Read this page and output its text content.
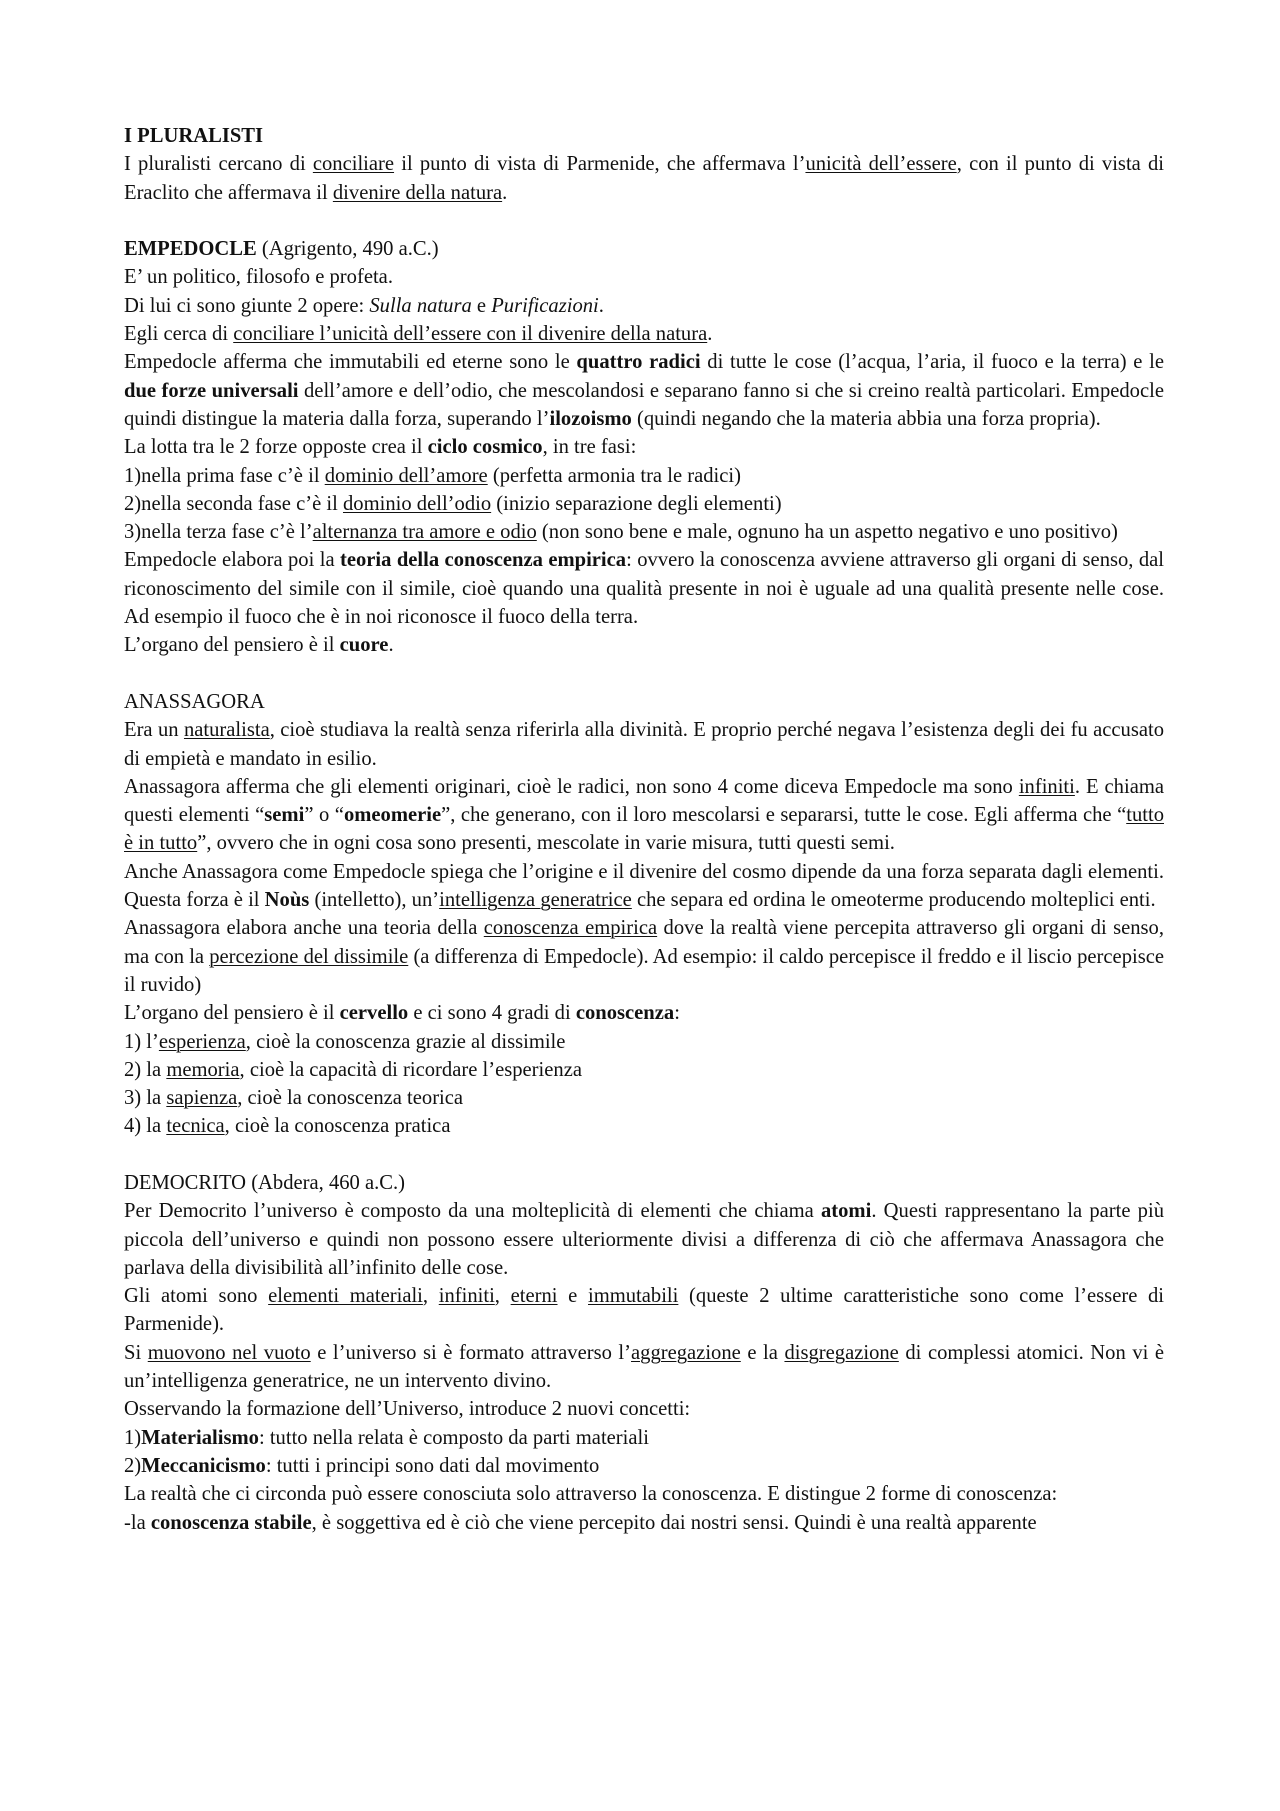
I PLURALISTI

I pluralisti cercano di conciliare il punto di vista di Parmenide, che affermava l’unicità dell’essere, con il punto di vista di Eraclito che affermava il divenire della natura.

EMPEDOCLE (Agrigento, 490 a.C.)

E’ un politico, filosofo e profeta.

Di lui ci sono giunte 2 opere: Sulla natura e Purificazioni.

Egli cerca di conciliare l’unicità dell’essere con il divenire della natura.

Empedocle afferma che immutabili ed eterne sono le quattro radici di tutte le cose (l’acqua, l’aria, il fuoco e la terra) e le due forze universali dell’amore e dell’odio, che mescolandosi e separano fanno si che si creino realtà particolari. Empedocle quindi distingue la materia dalla forza, superando l’ilozoismo (quindi negando che la materia abbia una forza propria).

La lotta tra le 2 forze opposte crea il ciclo cosmico, in tre fasi:

1)nella prima fase c’è il dominio dell’amore (perfetta armonia tra le radici)

2)nella seconda fase c’è il dominio dell’odio (inizio separazione degli elementi)

3)nella terza fase c’è l’alternanza tra amore e odio (non sono bene e male, ognuno ha un aspetto negativo e uno positivo)

Empedocle elabora poi la teoria della conoscenza empirica: ovvero la conoscenza avviene attraverso gli organi di senso, dal riconoscimento del simile con il simile, cioè quando una qualità presente in noi è uguale ad una qualità presente nelle cose. Ad esempio il fuoco che è in noi riconosce il fuoco della terra.

L’organo del pensiero è il cuore.

ANASSAGORA

Era un naturalista, cioè studiava la realtà senza riferirla alla divinità. E proprio perché negava l’esistenza degli dei fu accusato di empietà e mandato in esilio.

Anassagora afferma che gli elementi originari, cioè le radici, non sono 4 come diceva Empedocle ma sono infiniti. E chiama questi elementi “semi” o “omeomerie”, che generano, con il loro mescolarsi e separarsi, tutte le cose. Egli afferma che “tutto è in tutto”, ovvero che in ogni cosa sono presenti, mescolate in varie misura, tutti questi semi.

Anche Anassagora come Empedocle spiega che l’origine e il divenire del cosmo dipende da una forza separata dagli elementi. Questa forza è il Noùs (intelletto), un’intelligenza generatrice che separa ed ordina le omeoterme producendo molteplici enti.

Anassagora elabora anche una teoria della conoscenza empirica dove la realtà viene percepita attraverso gli organi di senso, ma con la percezione del dissimile (a differenza di Empedocle). Ad esempio: il caldo percepisce il freddo e il liscio percepisce il ruvido)

L’organo del pensiero è il cervello e ci sono 4 gradi di conoscenza:

1) l’esperienza, cioè la conoscenza grazie al dissimile

2) la memoria, cioè la capacità di ricordare l’esperienza

3) la sapienza, cioè la conoscenza teorica

4) la tecnica, cioè la conoscenza pratica

DEMOCRITO (Abdera, 460 a.C.)

Per Democrito l’universo è composto da una molteplicità di elementi che chiama atomi. Questi rappresentano la parte più piccola dell’universo e quindi non possono essere ulteriormente divisi a differenza di ciò che affermava Anassagora che parlava della divisibilità all’infinito delle cose.

Gli atomi sono elementi materiali, infiniti, eterni e immutabili (queste 2 ultime caratteristiche sono come l’essere di Parmenide).

Si muovono nel vuoto e l’universo si è formato attraverso l’aggregazione e la disgregazione di complessi atomici. Non vi è un’intelligenza generatrice, ne un intervento divino.

Osservando la formazione dell’Universo, introduce 2 nuovi concetti:

1)Materialismo: tutto nella relata è composto da parti materiali

2)Meccanicismo: tutti i principi sono dati dal movimento

La realtà che ci circonda può essere conosciuta solo attraverso la conoscenza. E distingue 2 forme di conoscenza:

-la conoscenza stabile, è soggettiva ed è ciò che viene percepito dai nostri sensi. Quindi è una realtà apparente
